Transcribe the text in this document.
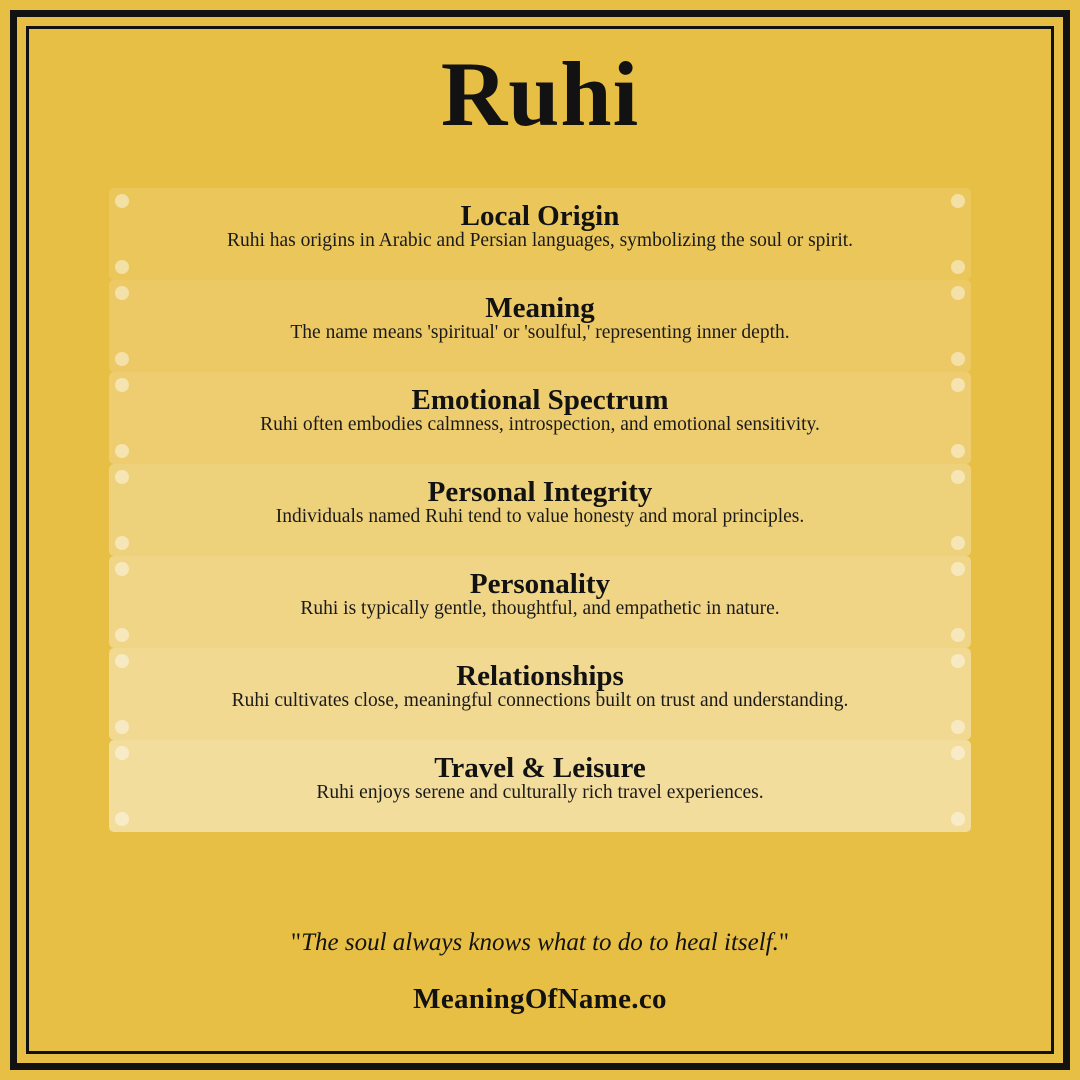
Ruhi
Local Origin
Ruhi has origins in Arabic and Persian languages, symbolizing the soul or spirit.
Meaning
The name means 'spiritual' or 'soulful,' representing inner depth.
Emotional Spectrum
Ruhi often embodies calmness, introspection, and emotional sensitivity.
Personal Integrity
Individuals named Ruhi tend to value honesty and moral principles.
Personality
Ruhi is typically gentle, thoughtful, and empathetic in nature.
Relationships
Ruhi cultivates close, meaningful connections built on trust and understanding.
Travel & Leisure
Ruhi enjoys serene and culturally rich travel experiences.
"The soul always knows what to do to heal itself."
MeaningOfName.co
